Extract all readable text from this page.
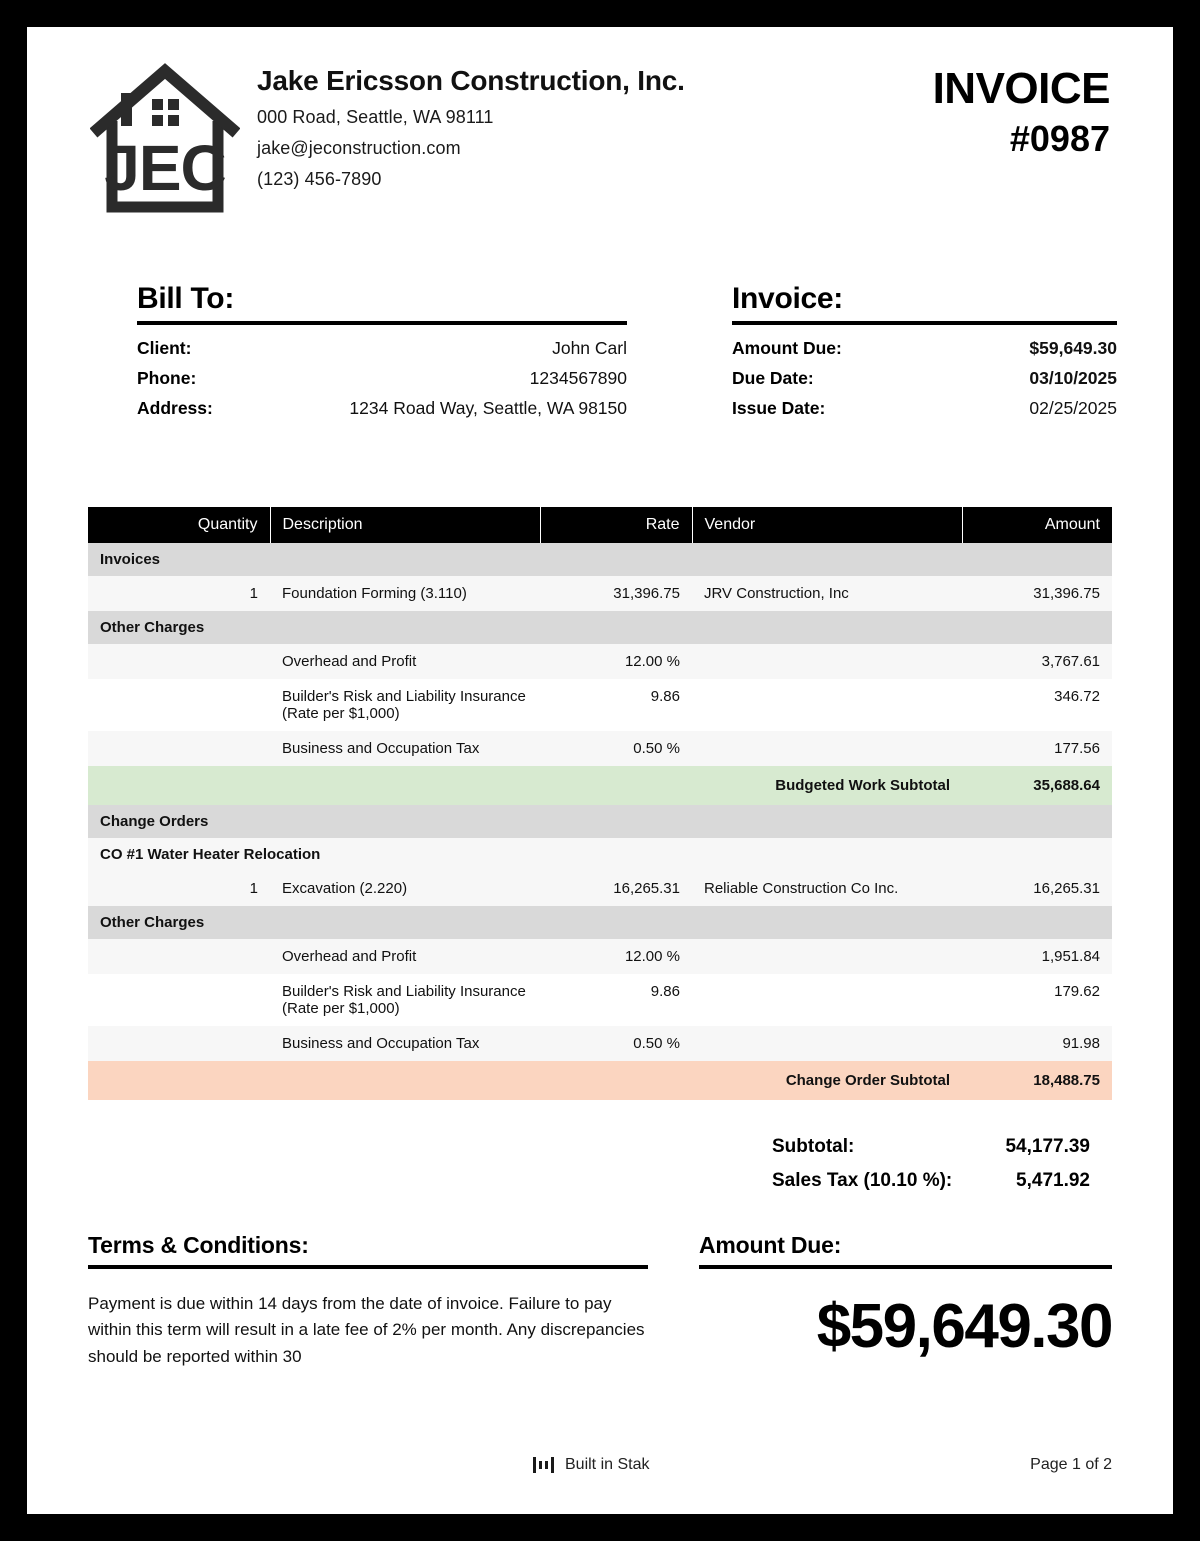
JEC
Jake Ericsson Construction, Inc.
000 Road, Seattle, WA 98111
jake@jeconstruction.com
(123) 456-7890
INVOICE
#0987
Bill To:
Client:	John Carl
Phone:	1234567890
Address:	1234 Road Way, Seattle, WA 98150
Invoice:
Amount Due:	$59,649.30
Due Date:	03/10/2025
Issue Date:	02/25/2025
Quantity	Description	Rate	Vendor	Amount
Invoices				
1	Foundation Forming (3.110)	31,396.75	JRV Construction, Inc	31,396.75
Other Charges				
	Overhead and Profit	12.00 %		3,767.61
	Builder's Risk and Liability Insurance (Rate per $1,000)	9.86		346.72
	Business and Occupation Tax	0.50 %		177.56
			Budgeted Work Subtotal	35,688.64
Change Orders				
CO #1 Water Heater Relocation				
1	Excavation (2.220)	16,265.31	Reliable Construction Co Inc.	16,265.31
Other Charges				
	Overhead and Profit	12.00 %		1,951.84
	Builder's Risk and Liability Insurance (Rate per $1,000)	9.86		179.62
	Business and Occupation Tax	0.50 %		91.98
			Change Order Subtotal	18,488.75
Subtotal:	54,177.39
Sales Tax (10.10 %):	5,471.92
Terms & Conditions:
Payment is due within 14 days from the date of invoice. Failure to pay within this term will result in a late fee of 2% per month. Any discrepancies should be reported within 30
Amount Due:
$59,649.30
Built in Stak	Page 1 of 2
